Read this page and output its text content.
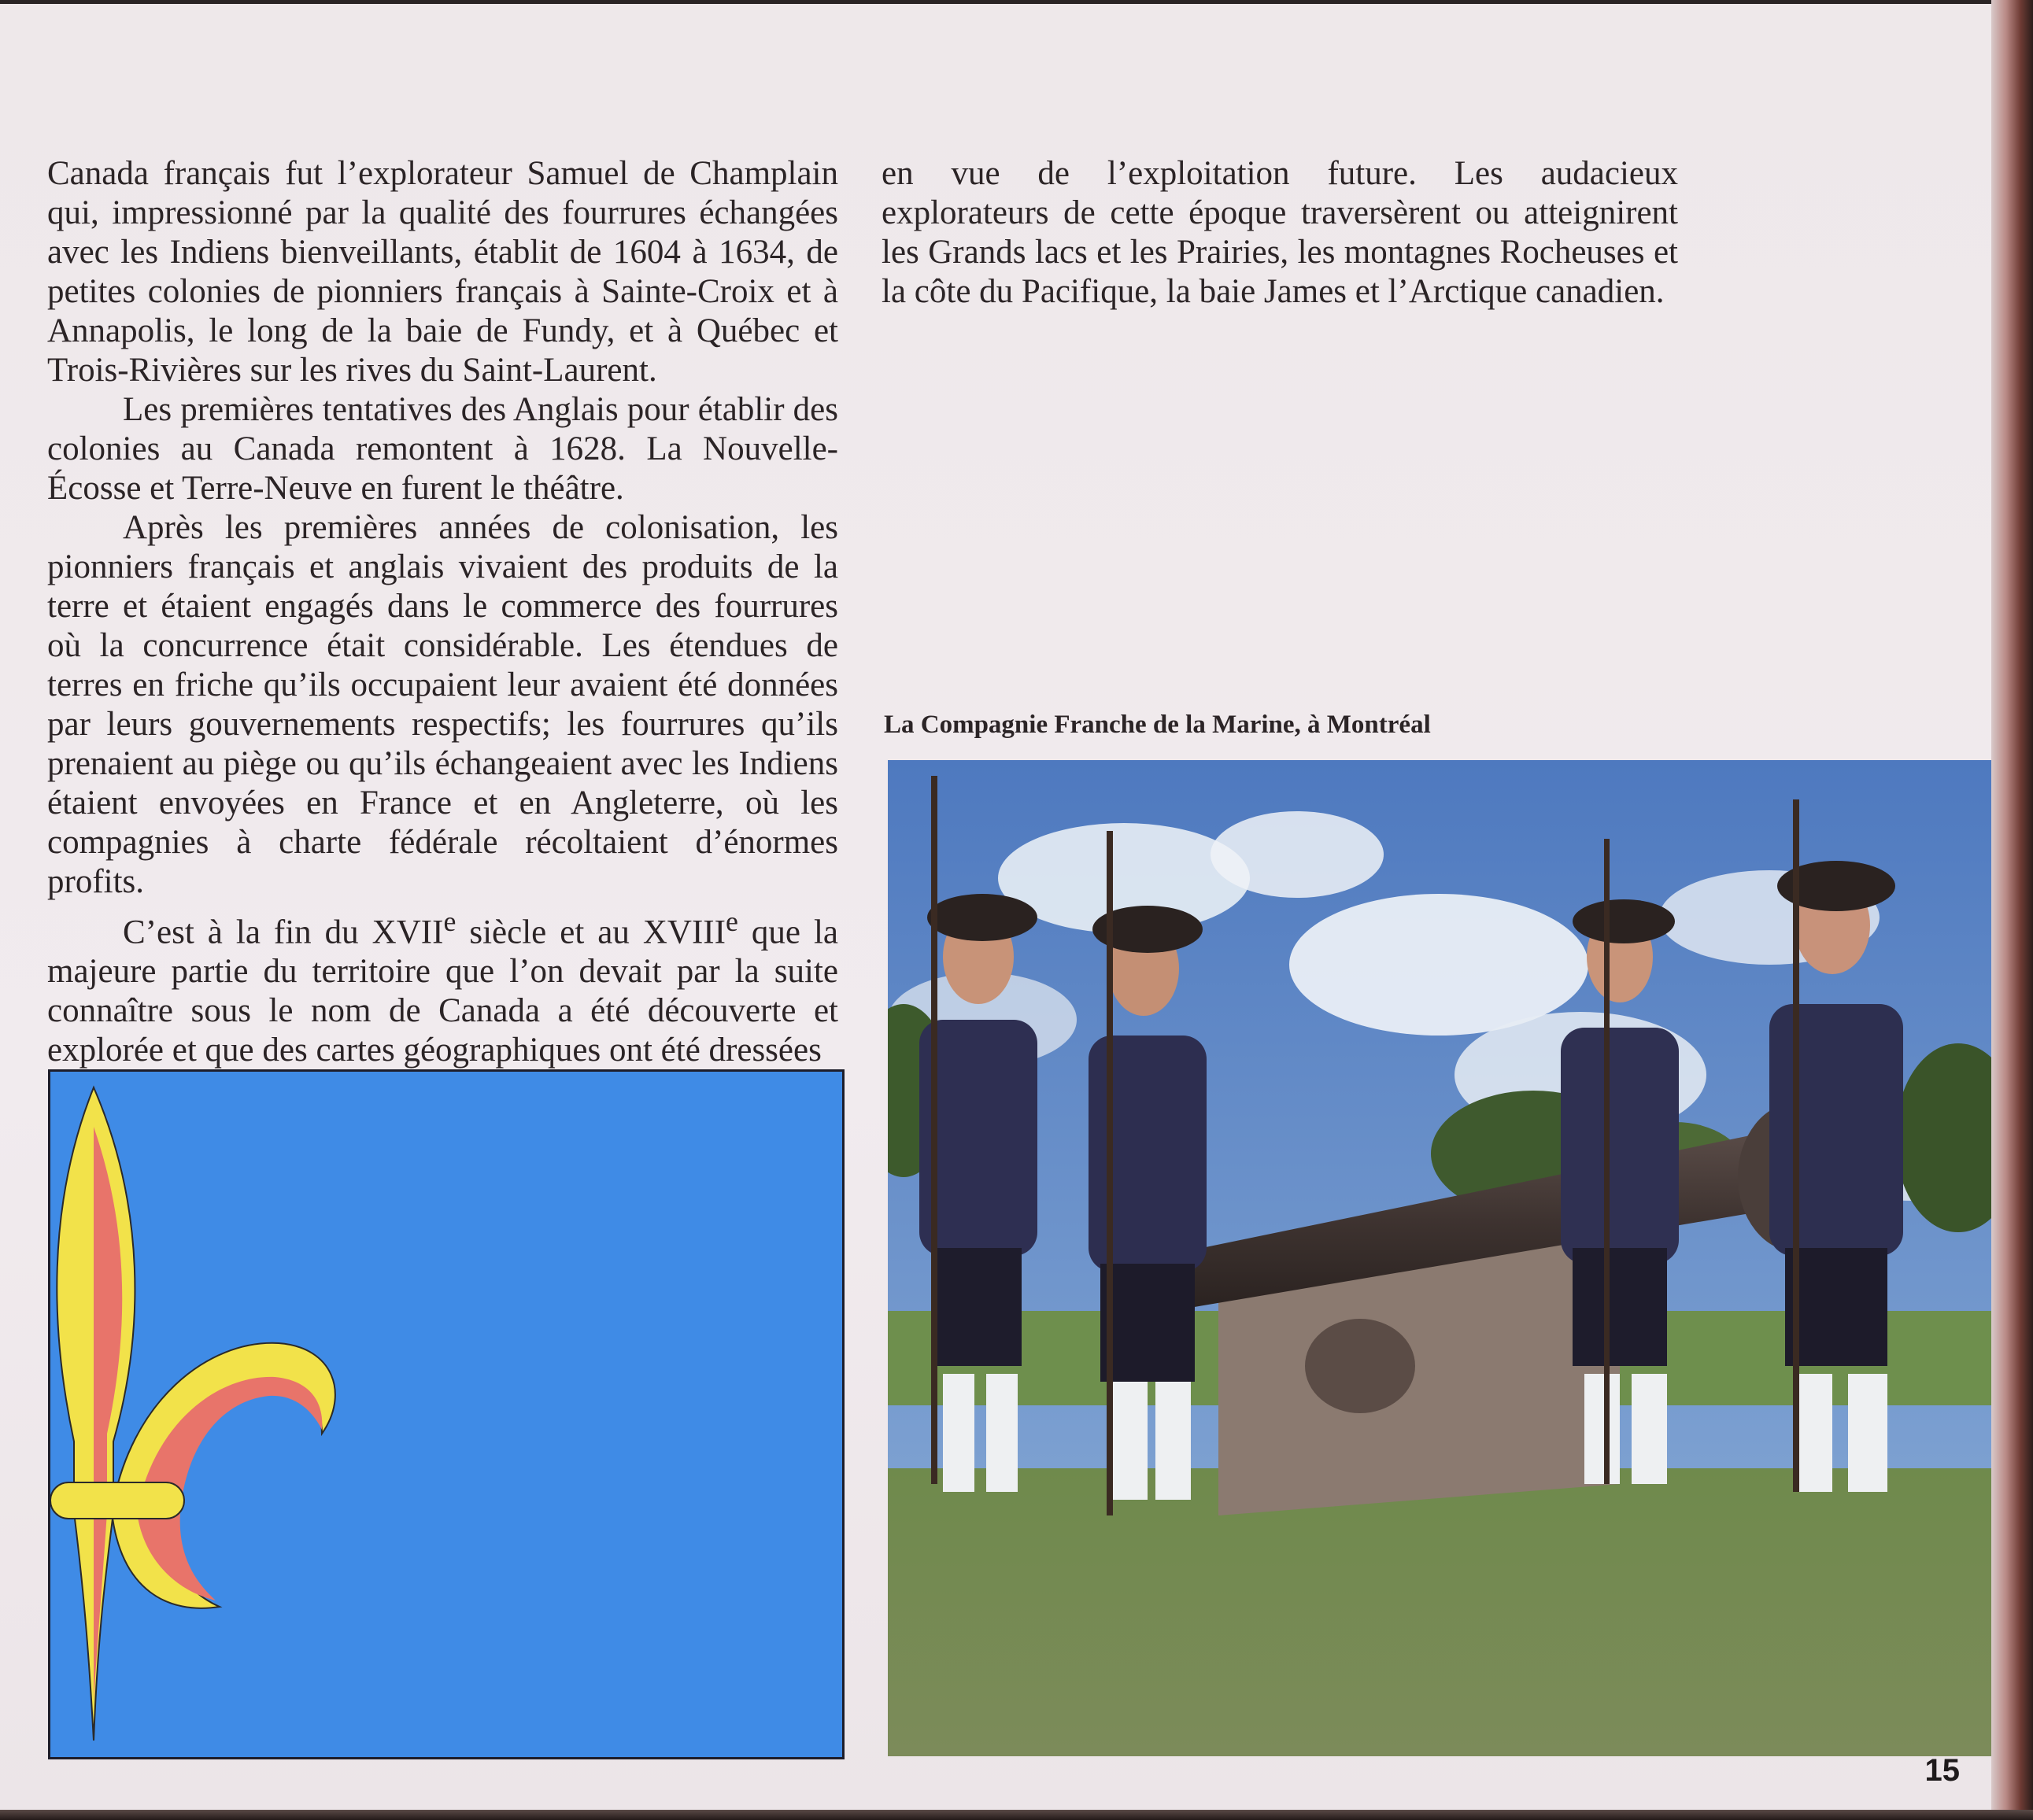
Canada français fut l’explorateur Samuel de Champlain qui, impressionné par la qualité des fourrures échangées avec les Indiens bienveillants, établit de 1604 à 1634, de petites colonies de pionniers français à Sainte-Croix et à Annapolis, le long de la baie de Fundy, et à Québec et Trois-Rivières sur les rives du Saint-Laurent.

Les premières tentatives des Anglais pour établir des colonies au Canada remontent à 1628. La Nouvelle-Écosse et Terre-Neuve en furent le théâtre.

Après les premières années de colonisation, les pionniers français et anglais vivaient des produits de la terre et étaient engagés dans le commerce des fourrures où la concurrence était considérable. Les étendues de terres en friche qu’ils occupaient leur avaient été données par leurs gouvernements respectifs; les fourrures qu’ils prenaient au piège ou qu’ils échangeaient avec les Indiens étaient envoyées en France et en Angleterre, où les compagnies à charte fédérale récoltaient d’énormes profits.

C’est à la fin du XVIIe siècle et au XVIIIe que la majeure partie du territoire que l’on devait par la suite connaître sous le nom de Canada a été découverte et explorée et que des cartes géographiques ont été dressées

en vue de l’exploitation future. Les audacieux explorateurs de cette époque traversèrent ou atteignirent les Grands lacs et les Prairies, les montagnes Rocheuses et la côte du Pacifique, la baie James et l’Arctique canadien.

La Compagnie Franche de la Marine, à Montréal
15
